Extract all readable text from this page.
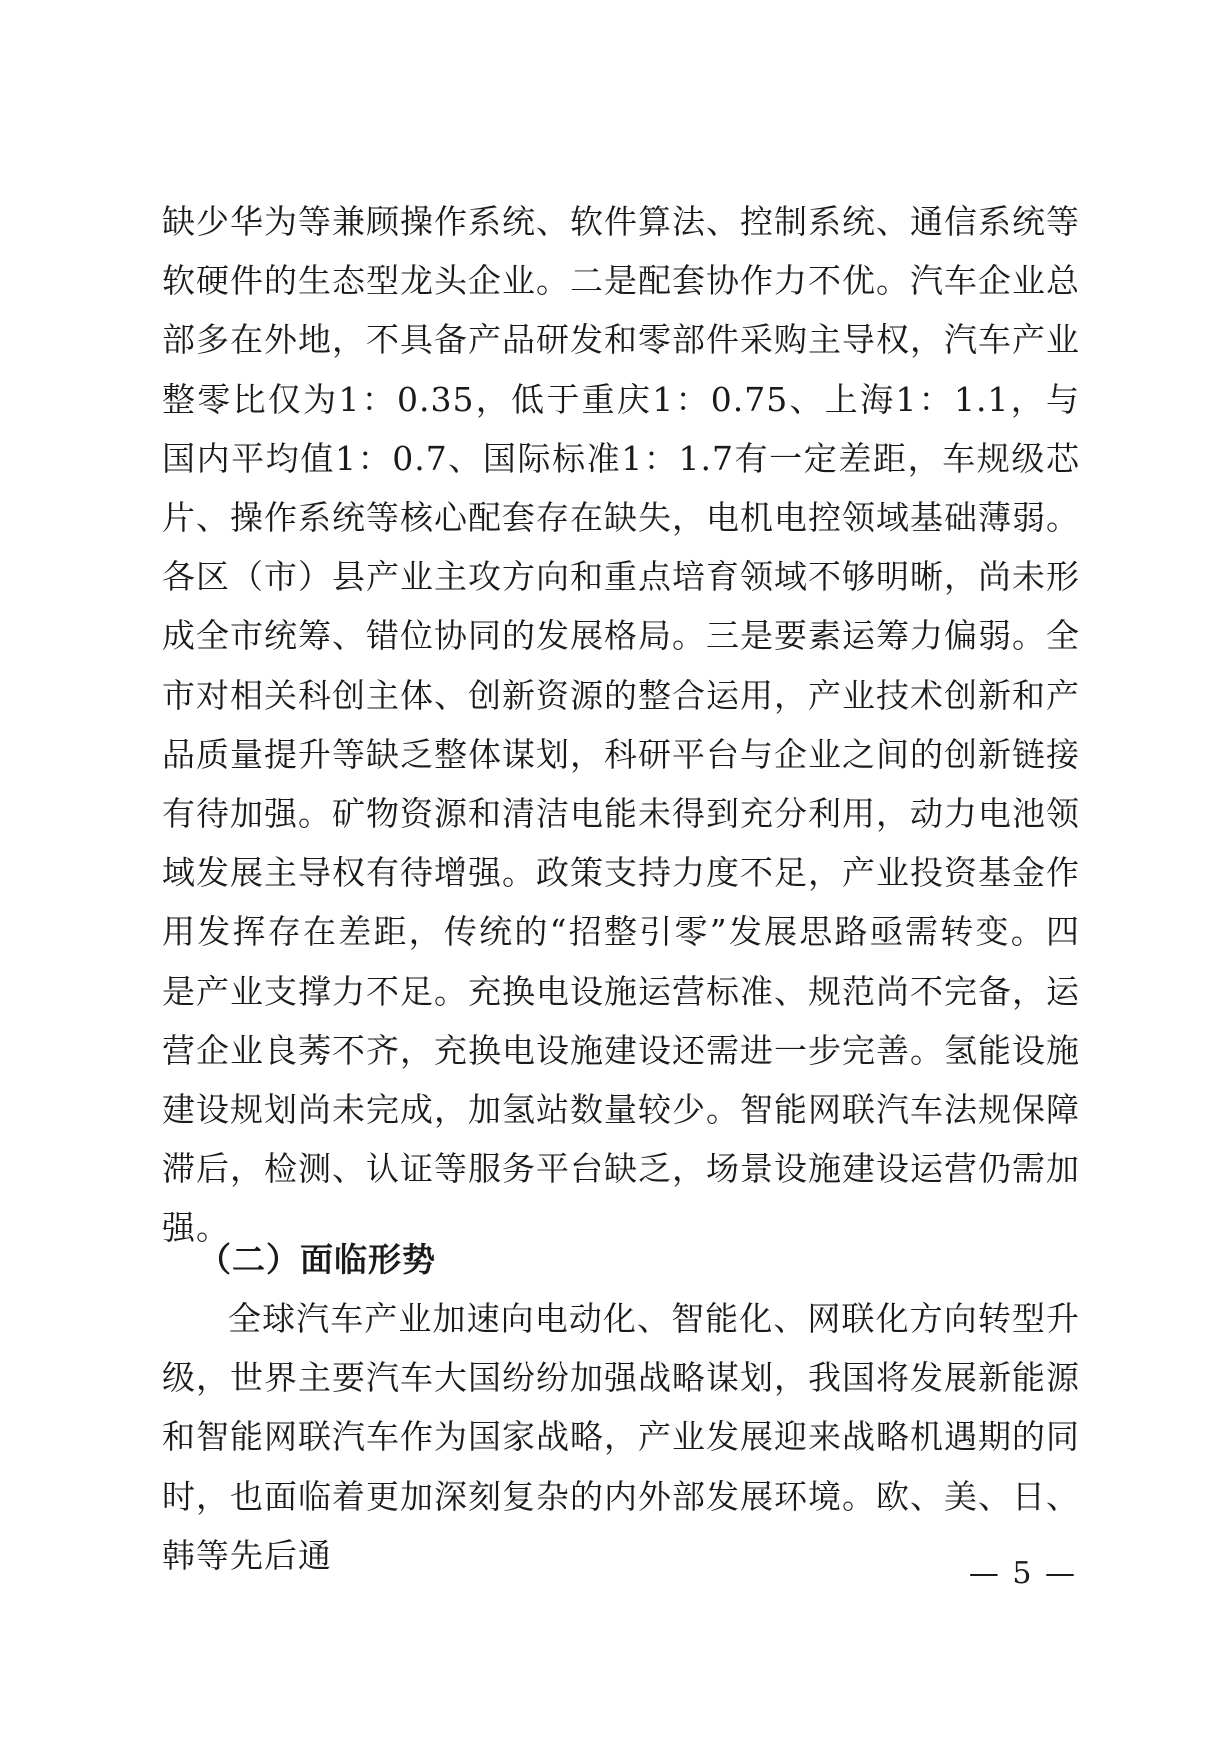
缺少华为等兼顾操作系统、软件算法、控制系统、通信系统等软硬件的生态型龙头企业。二是配套协作力不优。汽车企业总部多在外地，不具备产品研发和零部件采购主导权，汽车产业整零比仅为1：0.35，低于重庆1：0.75、上海1：1.1，与国内平均值1：0.7、国际标准1：1.7有一定差距，车规级芯片、操作系统等核心配套存在缺失，电机电控领域基础薄弱。各区（市）县产业主攻方向和重点培育领域不够明晰，尚未形成全市统筹、错位协同的发展格局。三是要素运筹力偏弱。全市对相关科创主体、创新资源的整合运用，产业技术创新和产品质量提升等缺乏整体谋划，科研平台与企业之间的创新链接有待加强。矿物资源和清洁电能未得到充分利用，动力电池领域发展主导权有待增强。政策支持力度不足，产业投资基金作用发挥存在差距，传统的“招整引零”发展思路亟需转变。四是产业支撑力不足。充换电设施运营标准、规范尚不完备，运营企业良莠不齐，充换电设施建设还需进一步完善。氢能设施建设规划尚未完成，加氢站数量较少。智能网联汽车法规保障滞后，检测、认证等服务平台缺乏，场景设施建设运营仍需加强。
（二）面临形势
全球汽车产业加速向电动化、智能化、网联化方向转型升级，世界主要汽车大国纷纷加强战略谋划，我国将发展新能源和智能网联汽车作为国家战略，产业发展迎来战略机遇期的同时，也面临着更加深刻复杂的内外部发展环境。欧、美、日、韩等先后通	— 5 —
